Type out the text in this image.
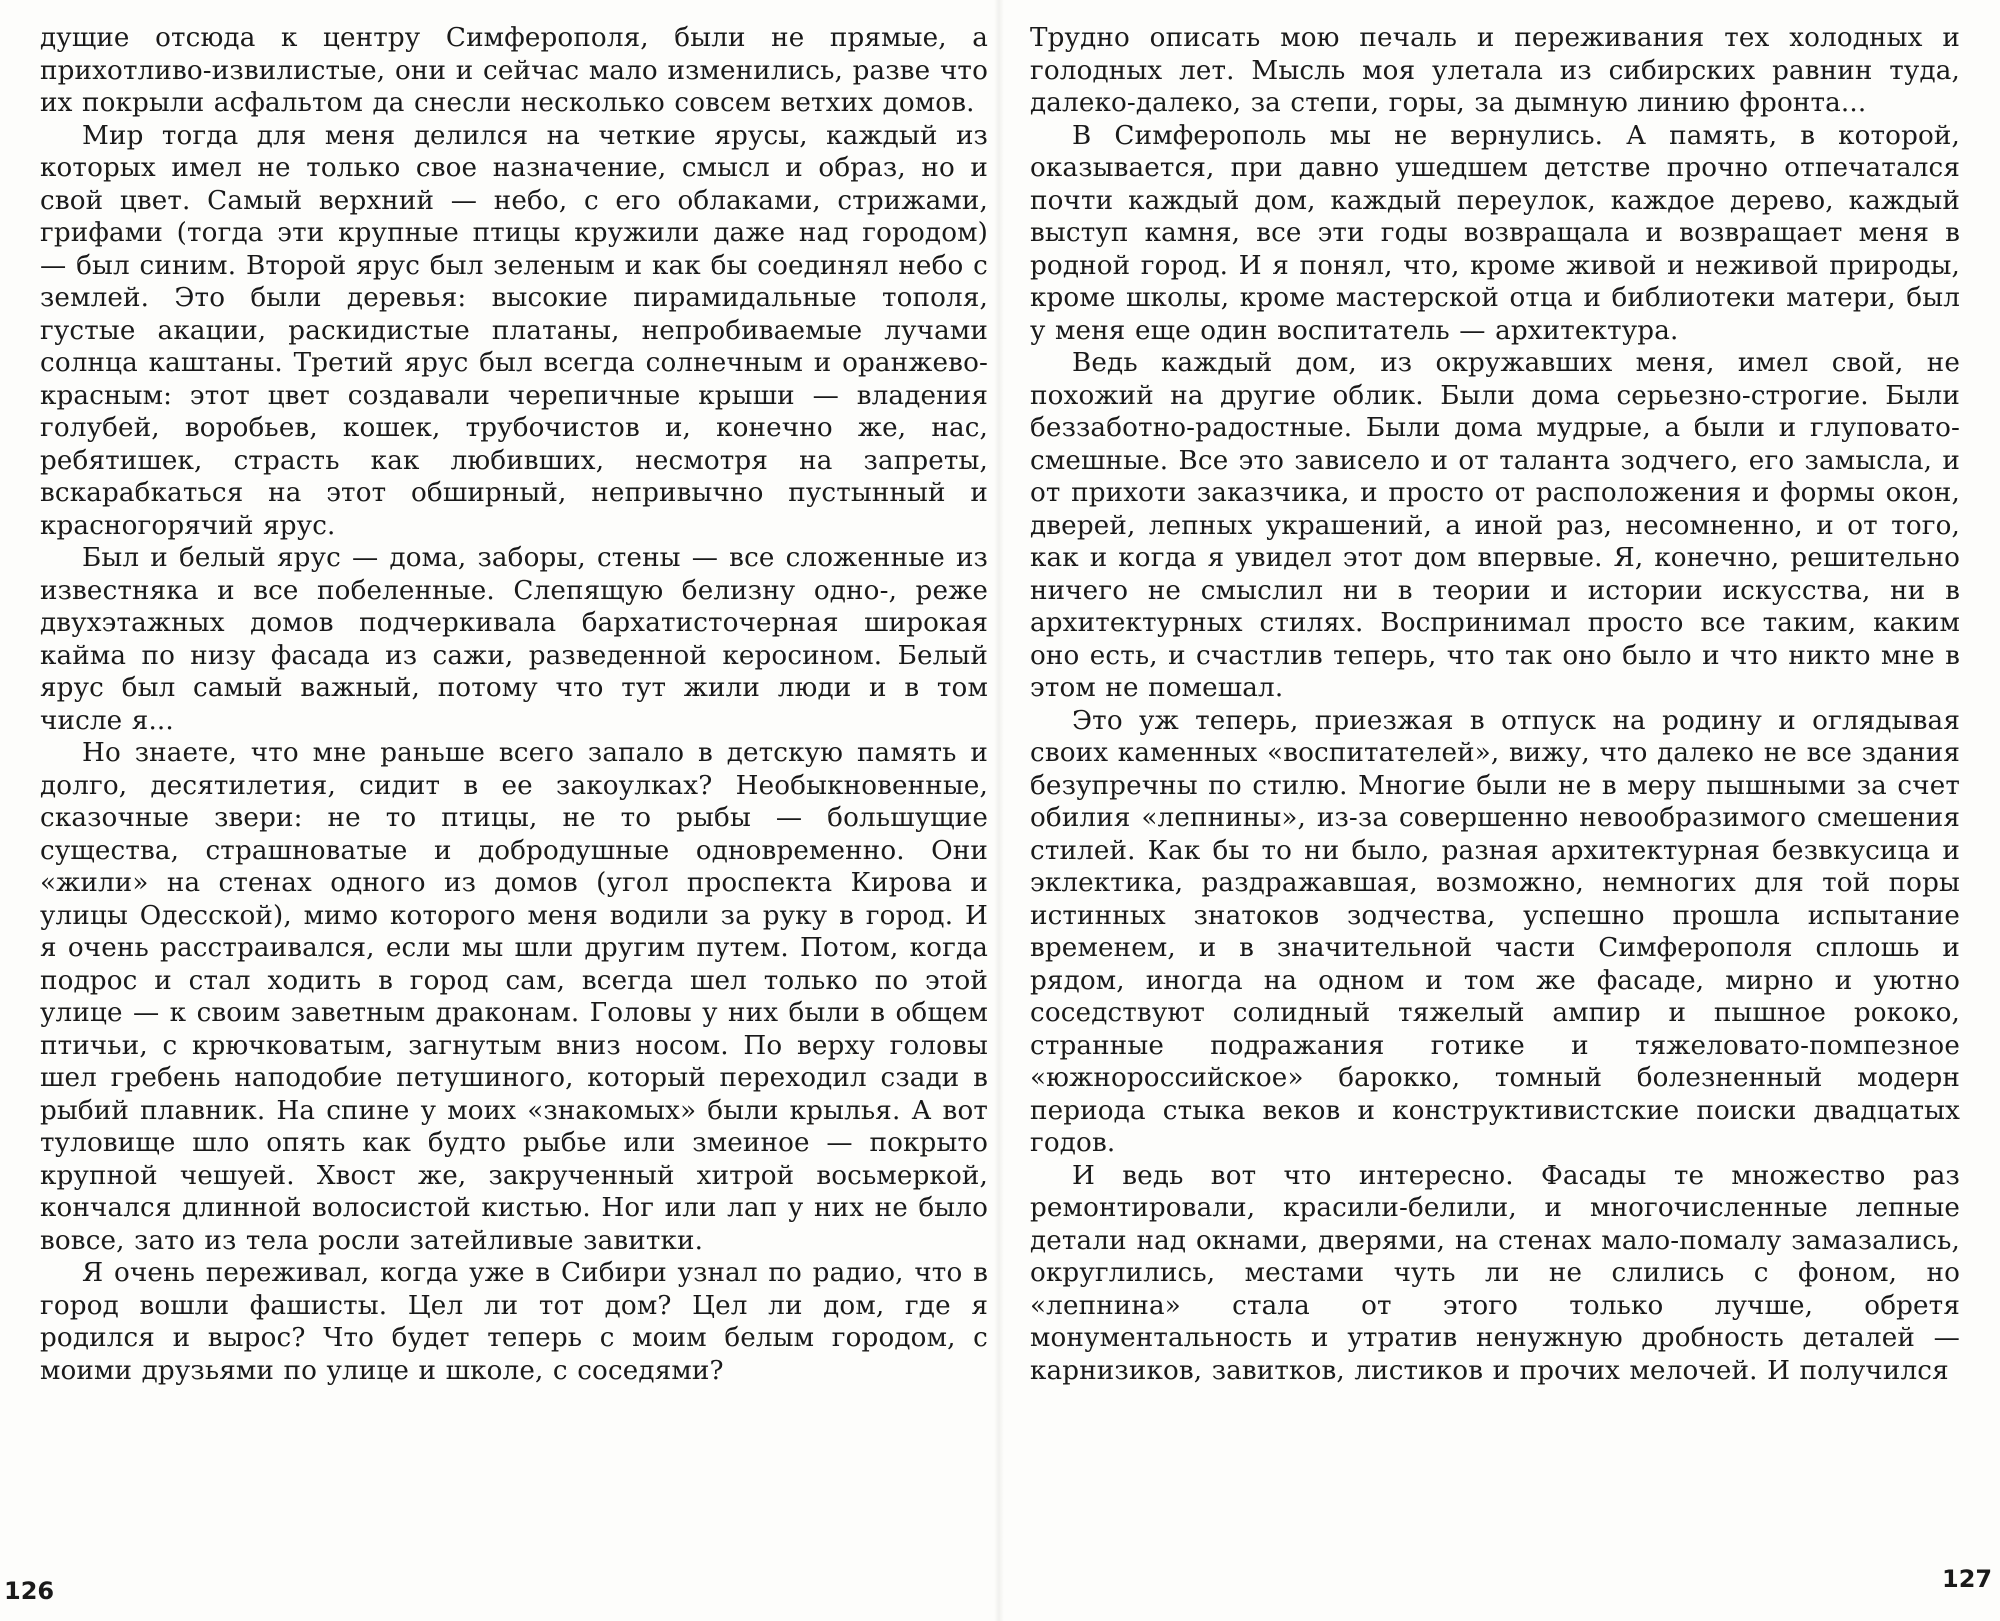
дущие отсюда к центру Симферополя, были не прямые, а прихотливо-извилистые, они и сейчас мало изменились, разве что их покрыли асфальтом да снесли несколько совсем ветхих домов.

Мир тогда для меня делился на четкие ярусы, каждый из которых имел не только свое назначение, смысл и образ, но и свой цвет. Самый верхний — небо, с его облаками, стрижами, грифами (тогда эти крупные птицы кружили даже над городом) — был синим. Второй ярус был зеленым и как бы соединял небо с землей. Это были деревья: высокие пирамидальные тополя, густые акации, раскидистые платаны, непробиваемые лучами солнца каштаны. Третий ярус был всегда солнечным и оранжево-красным: этот цвет создавали черепичные крыши — владения голубей, воробьев, кошек, трубочистов и, конечно же, нас, ребятишек, страсть как любивших, несмотря на запреты, вскарабкаться на этот обширный, непривычно пустынный и красногорячий ярус.

Был и белый ярус — дома, заборы, стены — все сложенные из известняка и все побеленные. Слепящую белизну одно-, реже двухэтажных домов подчеркивала бархатисточерная широкая кайма по низу фасада из сажи, разведенной керосином. Белый ярус был самый важный, потому что тут жили люди и в том числе я...

Но знаете, что мне раньше всего запало в детскую память и долго, десятилетия, сидит в ее закоулках? Необыкновенные, сказочные звери: не то птицы, не то рыбы — большущие существа, страшноватые и добродушные одновременно. Они «жили» на стенах одного из домов (угол проспекта Кирова и улицы Одесской), мимо которого меня водили за руку в город. И я очень расстраивался, если мы шли другим путем. Потом, когда подрос и стал ходить в город сам, всегда шел только по этой улице — к своим заветным драконам. Головы у них были в общем птичьи, с крючковатым, загнутым вниз носом. По верху головы шел гребень наподобие петушиного, который переходил сзади в рыбий плавник. На спине у моих «знакомых» были крылья. А вот туловище шло опять как будто рыбье или змеиное — покрыто крупной чешуей. Хвост же, закрученный хитрой восьмеркой, кончался длинной волосистой кистью. Ног или лап у них не было вовсе, зато из тела росли затейливые завитки.

Я очень переживал, когда уже в Сибири узнал по радио, что в город вошли фашисты. Цел ли тот дом? Цел ли дом, где я родился и вырос? Что будет теперь с моим белым городом, с моими друзьями по улице и школе, с соседями?

126

Трудно описать мою печаль и переживания тех холодных и голодных лет. Мысль моя улетала из сибирских равнин туда, далеко-далеко, за степи, горы, за дымную линию фронта...

В Симферополь мы не вернулись. А память, в которой, оказывается, при давно ушедшем детстве прочно отпечатался почти каждый дом, каждый переулок, каждое дерево, каждый выступ камня, все эти годы возвращала и возвращает меня в родной город. И я понял, что, кроме живой и неживой природы, кроме школы, кроме мастерской отца и библиотеки матери, был у меня еще один воспитатель — архитектура.

Ведь каждый дом, из окружавших меня, имел свой, не похожий на другие облик. Были дома серьезно-строгие. Были беззаботно-радостные. Были дома мудрые, а были и глуповато-смешные. Все это зависело и от таланта зодчего, его замысла, и от прихоти заказчика, и просто от расположения и формы окон, дверей, лепных украшений, а иной раз, несомненно, и от того, как и когда я увидел этот дом впервые. Я, конечно, решительно ничего не смыслил ни в теории и истории искусства, ни в архитектурных стилях. Воспринимал просто все таким, каким оно есть, и счастлив теперь, что так оно было и что никто мне в этом не помешал.

Это уж теперь, приезжая в отпуск на родину и оглядывая своих каменных «воспитателей», вижу, что далеко не все здания безупречны по стилю. Многие были не в меру пышными за счет обилия «лепнины», из-за совершенно невообразимого смешения стилей. Как бы то ни было, разная архитектурная безвкусица и эклектика, раздражавшая, возможно, немногих для той поры истинных знатоков зодчества, успешно прошла испытание временем, и в значительной части Симферополя сплошь и рядом, иногда на одном и том же фасаде, мирно и уютно соседствуют солидный тяжелый ампир и пышное рококо, странные подражания готике и тяжеловато-помпезное «южнороссийское» барокко, томный болезненный модерн периода стыка веков и конструктивистские поиски двадцатых годов.

И ведь вот что интересно. Фасады те множество раз ремонтировали, красили-белили, и многочисленные лепные детали над окнами, дверями, на стенах мало-помалу замазались, округлились, местами чуть ли не слились с фоном, но «лепнина» стала от этого только лучше, обретя монументальность и утратив ненужную дробность деталей — карнизиков, завитков, листиков и прочих мелочей. И получился

127
